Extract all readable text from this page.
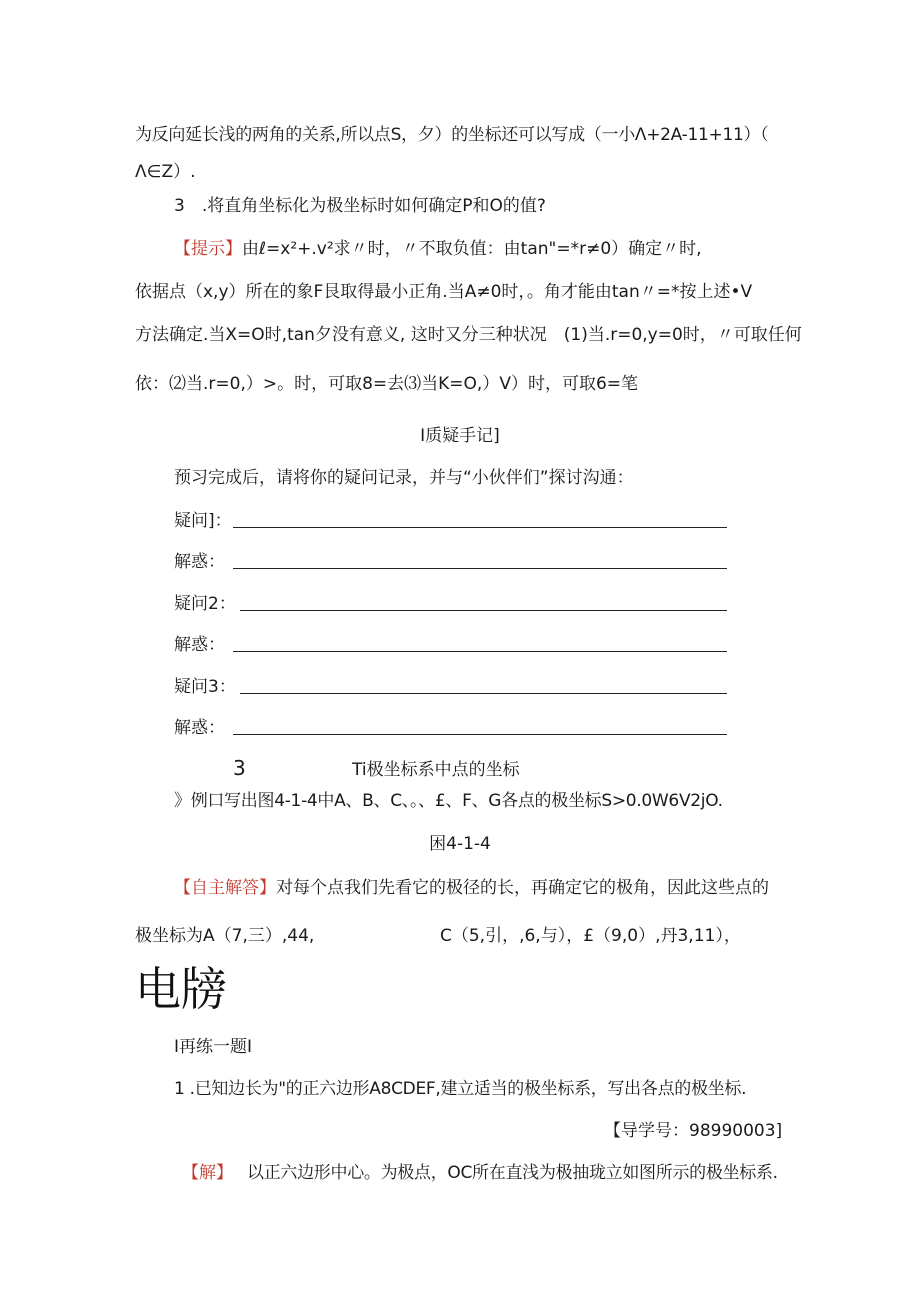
为反向延长浅的两角的关系,所以点S，夕）的坐标还可以写成（一小Λ+2A-11+11）（
Λ∈Z）.
3　.将直角坐标化为极坐标时如何确定P和O的值?
【提示】由ℓ=x²+.v²求〃时，〃不取负值：由tan"=*r≠0）确定〃时,
依据点（x,y）所在的象F艮取得最小正角.当A≠0时，。角才能由tan〃=*按上述•V
方法确定.当X=O时,tan夕没有意义, 这时又分三种状况　(1)当.r=0,y=0时，〃可取任何
依：⑵当.r=0,）>。时，可取8=去⑶当K=O,）V）时，可取6=笔
I质疑手记]
预习完成后，请将你的疑问记录，并与“小伙伴们”探讨沟通：
疑问]：
解惑：
疑问2：
解惑：
疑问3：
解惑：
3	Ti极坐标系中点的坐标
》例口写出图4-1-4中A、B、C、。、£、F、G各点的极坐标S>0.0W6V2jO.
困4-1-4
【自主解答】对每个点我们先看它的极径的长，再确定它的极角，因此这些点的
极坐标为A（7,三）,44,	C（5,引，,6,与），£（9,0）,丹3,11），
电牓
I再练一题I
1 .已知边长为"的正六边形A8CDEF,建立适当的极坐标系，写出各点的极坐标.
【导学号：98990003]
【解】 以正六边形中心。为极点，OC所在直浅为极抽珑立如图所示的极坐标系.
